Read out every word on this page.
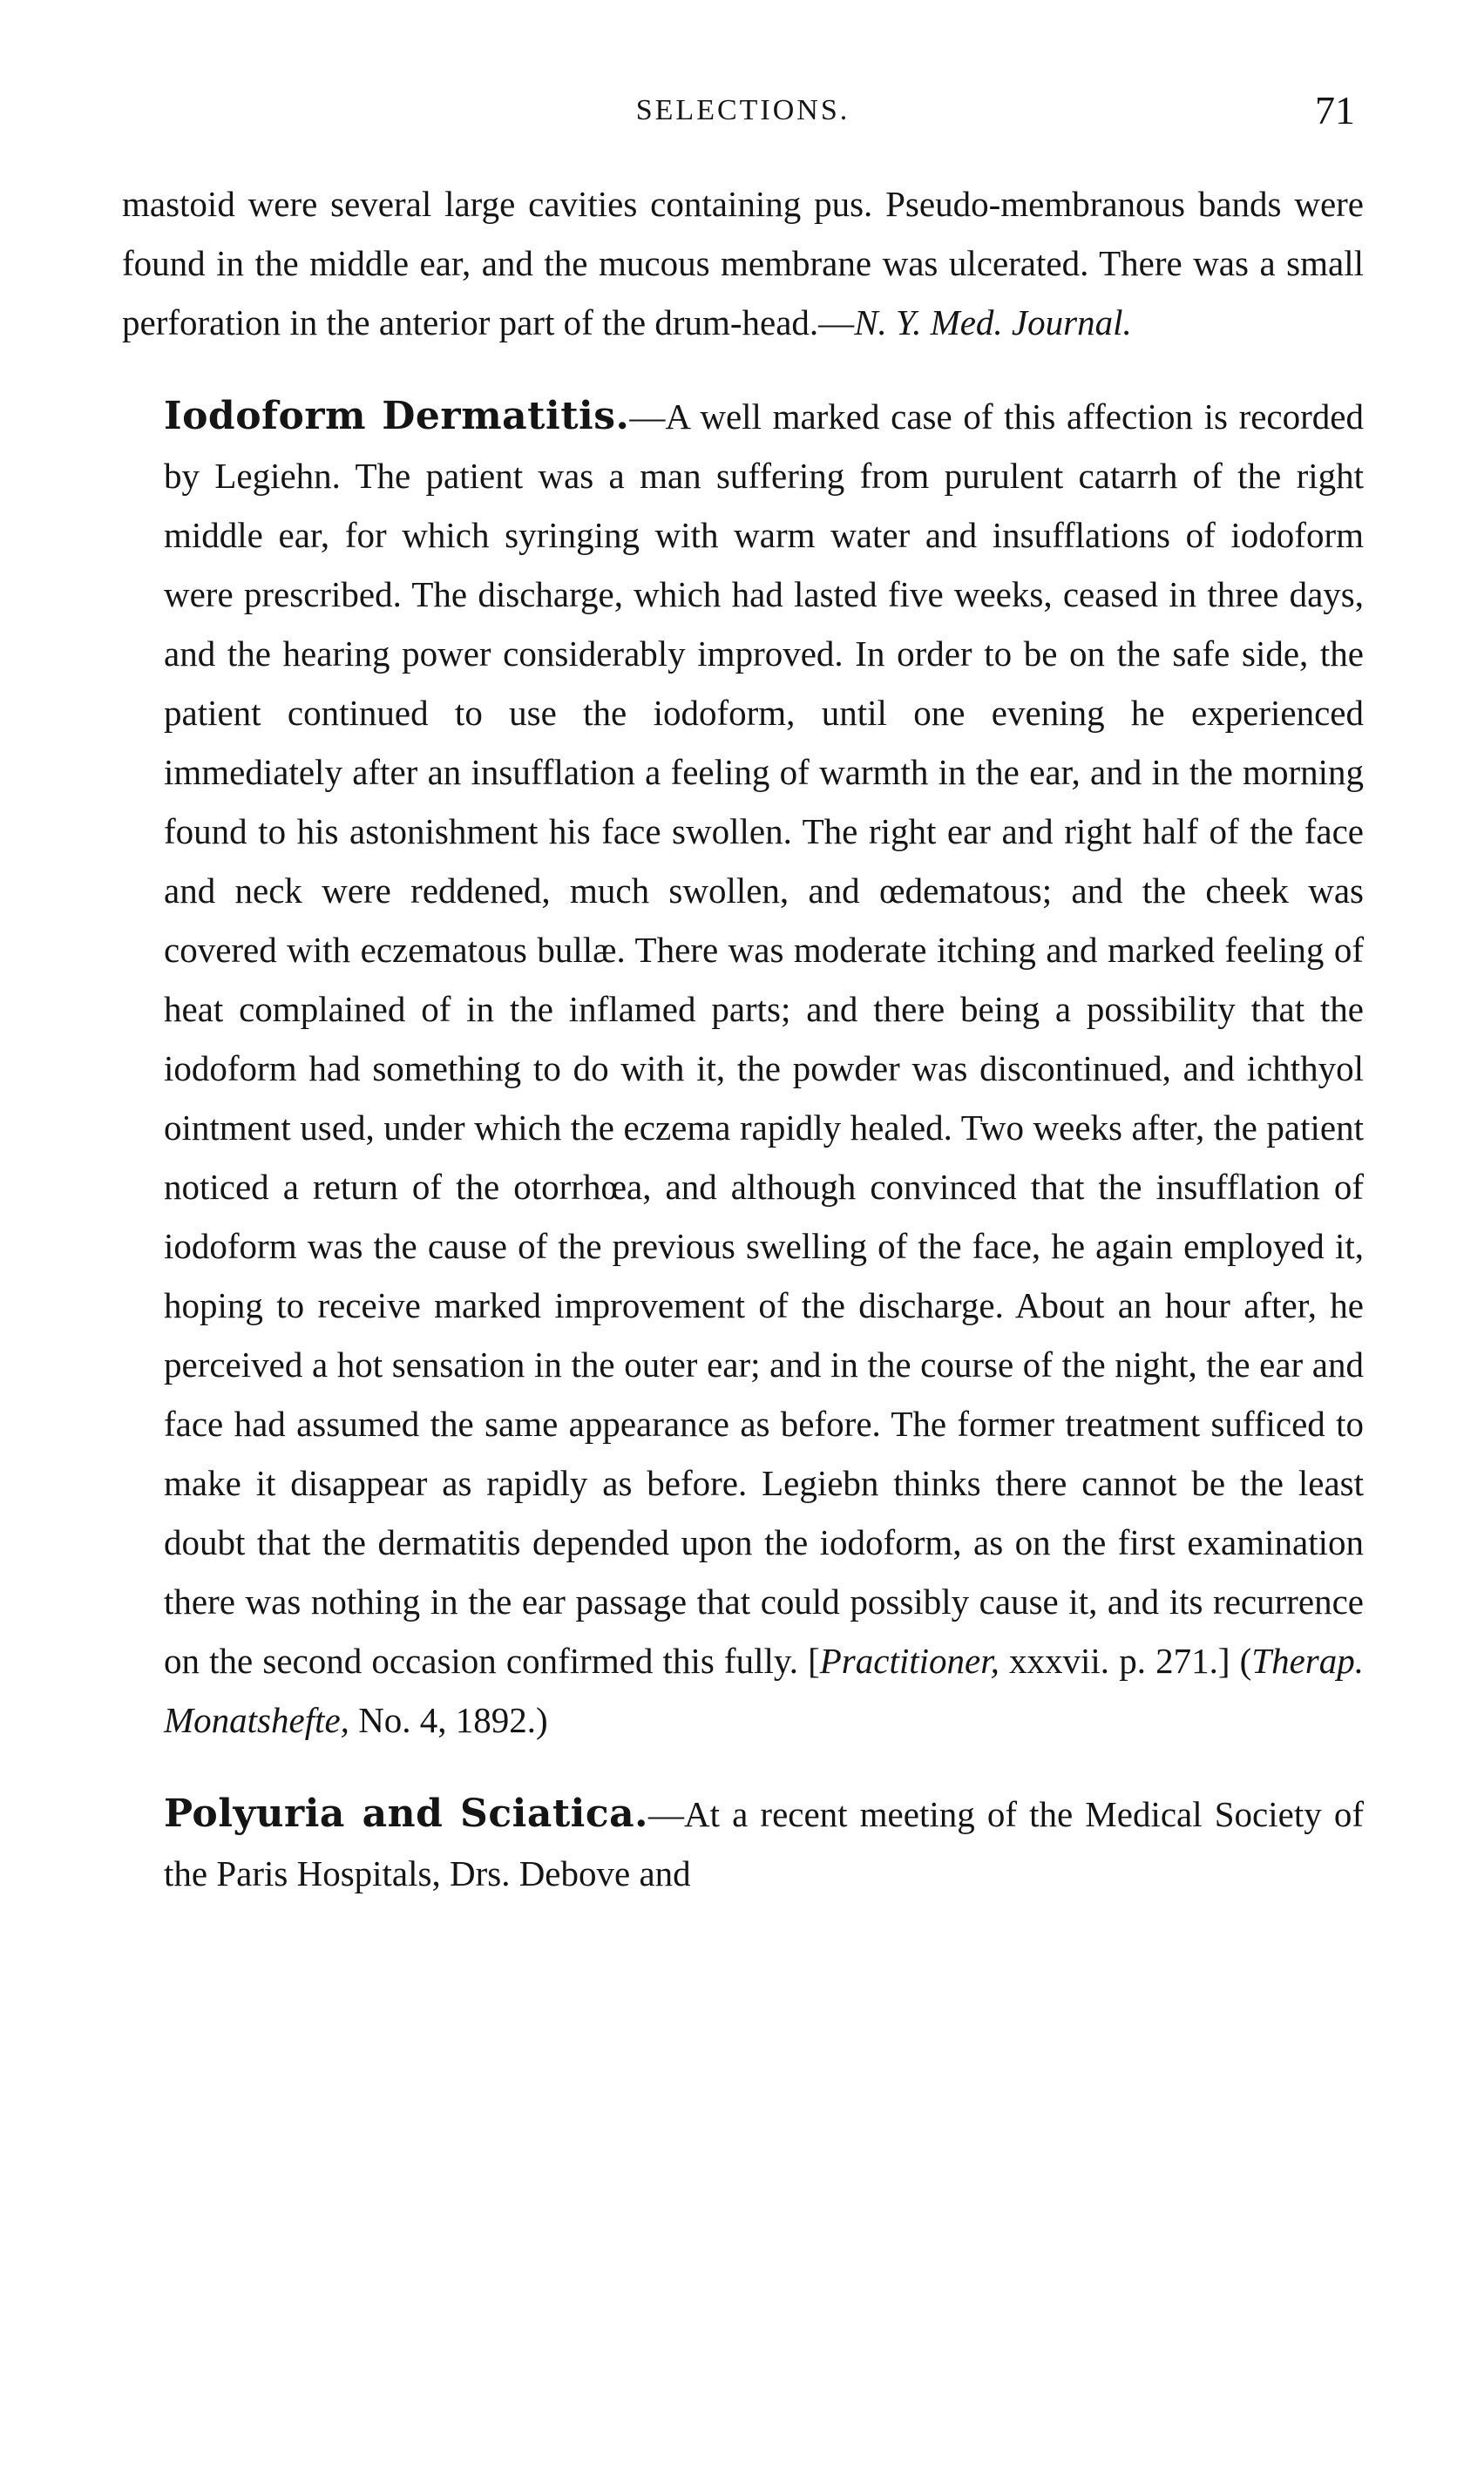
SELECTIONS.	71

mastoid were several large cavities containing pus. Pseudo-membranous bands were found in the middle ear, and the mucous membrane was ulcerated. There was a small perforation in the anterior part of the drum-head.—N. Y. Med. Journal.

Iodoform Dermatitis.—A well marked case of this affection is recorded by Legiehn. The patient was a man suffering from purulent catarrh of the right middle ear, for which syringing with warm water and insufflations of iodoform were prescribed. The discharge, which had lasted five weeks, ceased in three days, and the hearing power considerably improved. In order to be on the safe side, the patient continued to use the iodoform, until one evening he experienced immediately after an insufflation a feeling of warmth in the ear, and in the morning found to his astonishment his face swollen. The right ear and right half of the face and neck were reddened, much swollen, and œdematous; and the cheek was covered with eczematous bullæ. There was moderate itching and marked feeling of heat complained of in the inflamed parts; and there being a possibility that the iodoform had something to do with it, the powder was discontinued, and ichthyol ointment used, under which the eczema rapidly healed. Two weeks after, the patient noticed a return of the otorrhœa, and although convinced that the insufflation of iodoform was the cause of the previous swelling of the face, he again employed it, hoping to receive marked improvement of the discharge. About an hour after, he perceived a hot sensation in the outer ear; and in the course of the night, the ear and face had assumed the same appearance as before. The former treatment sufficed to make it disappear as rapidly as before. Legiebn thinks there cannot be the least doubt that the dermatitis depended upon the iodoform, as on the first examination there was nothing in the ear passage that could possibly cause it, and its recurrence on the second occasion confirmed this fully. [Practitioner, xxxvii. p. 271.] (Therap. Monatshefte, No. 4, 1892.)

Polyuria and Sciatica.—At a recent meeting of the Medical Society of the Paris Hospitals, Drs. Debove and
